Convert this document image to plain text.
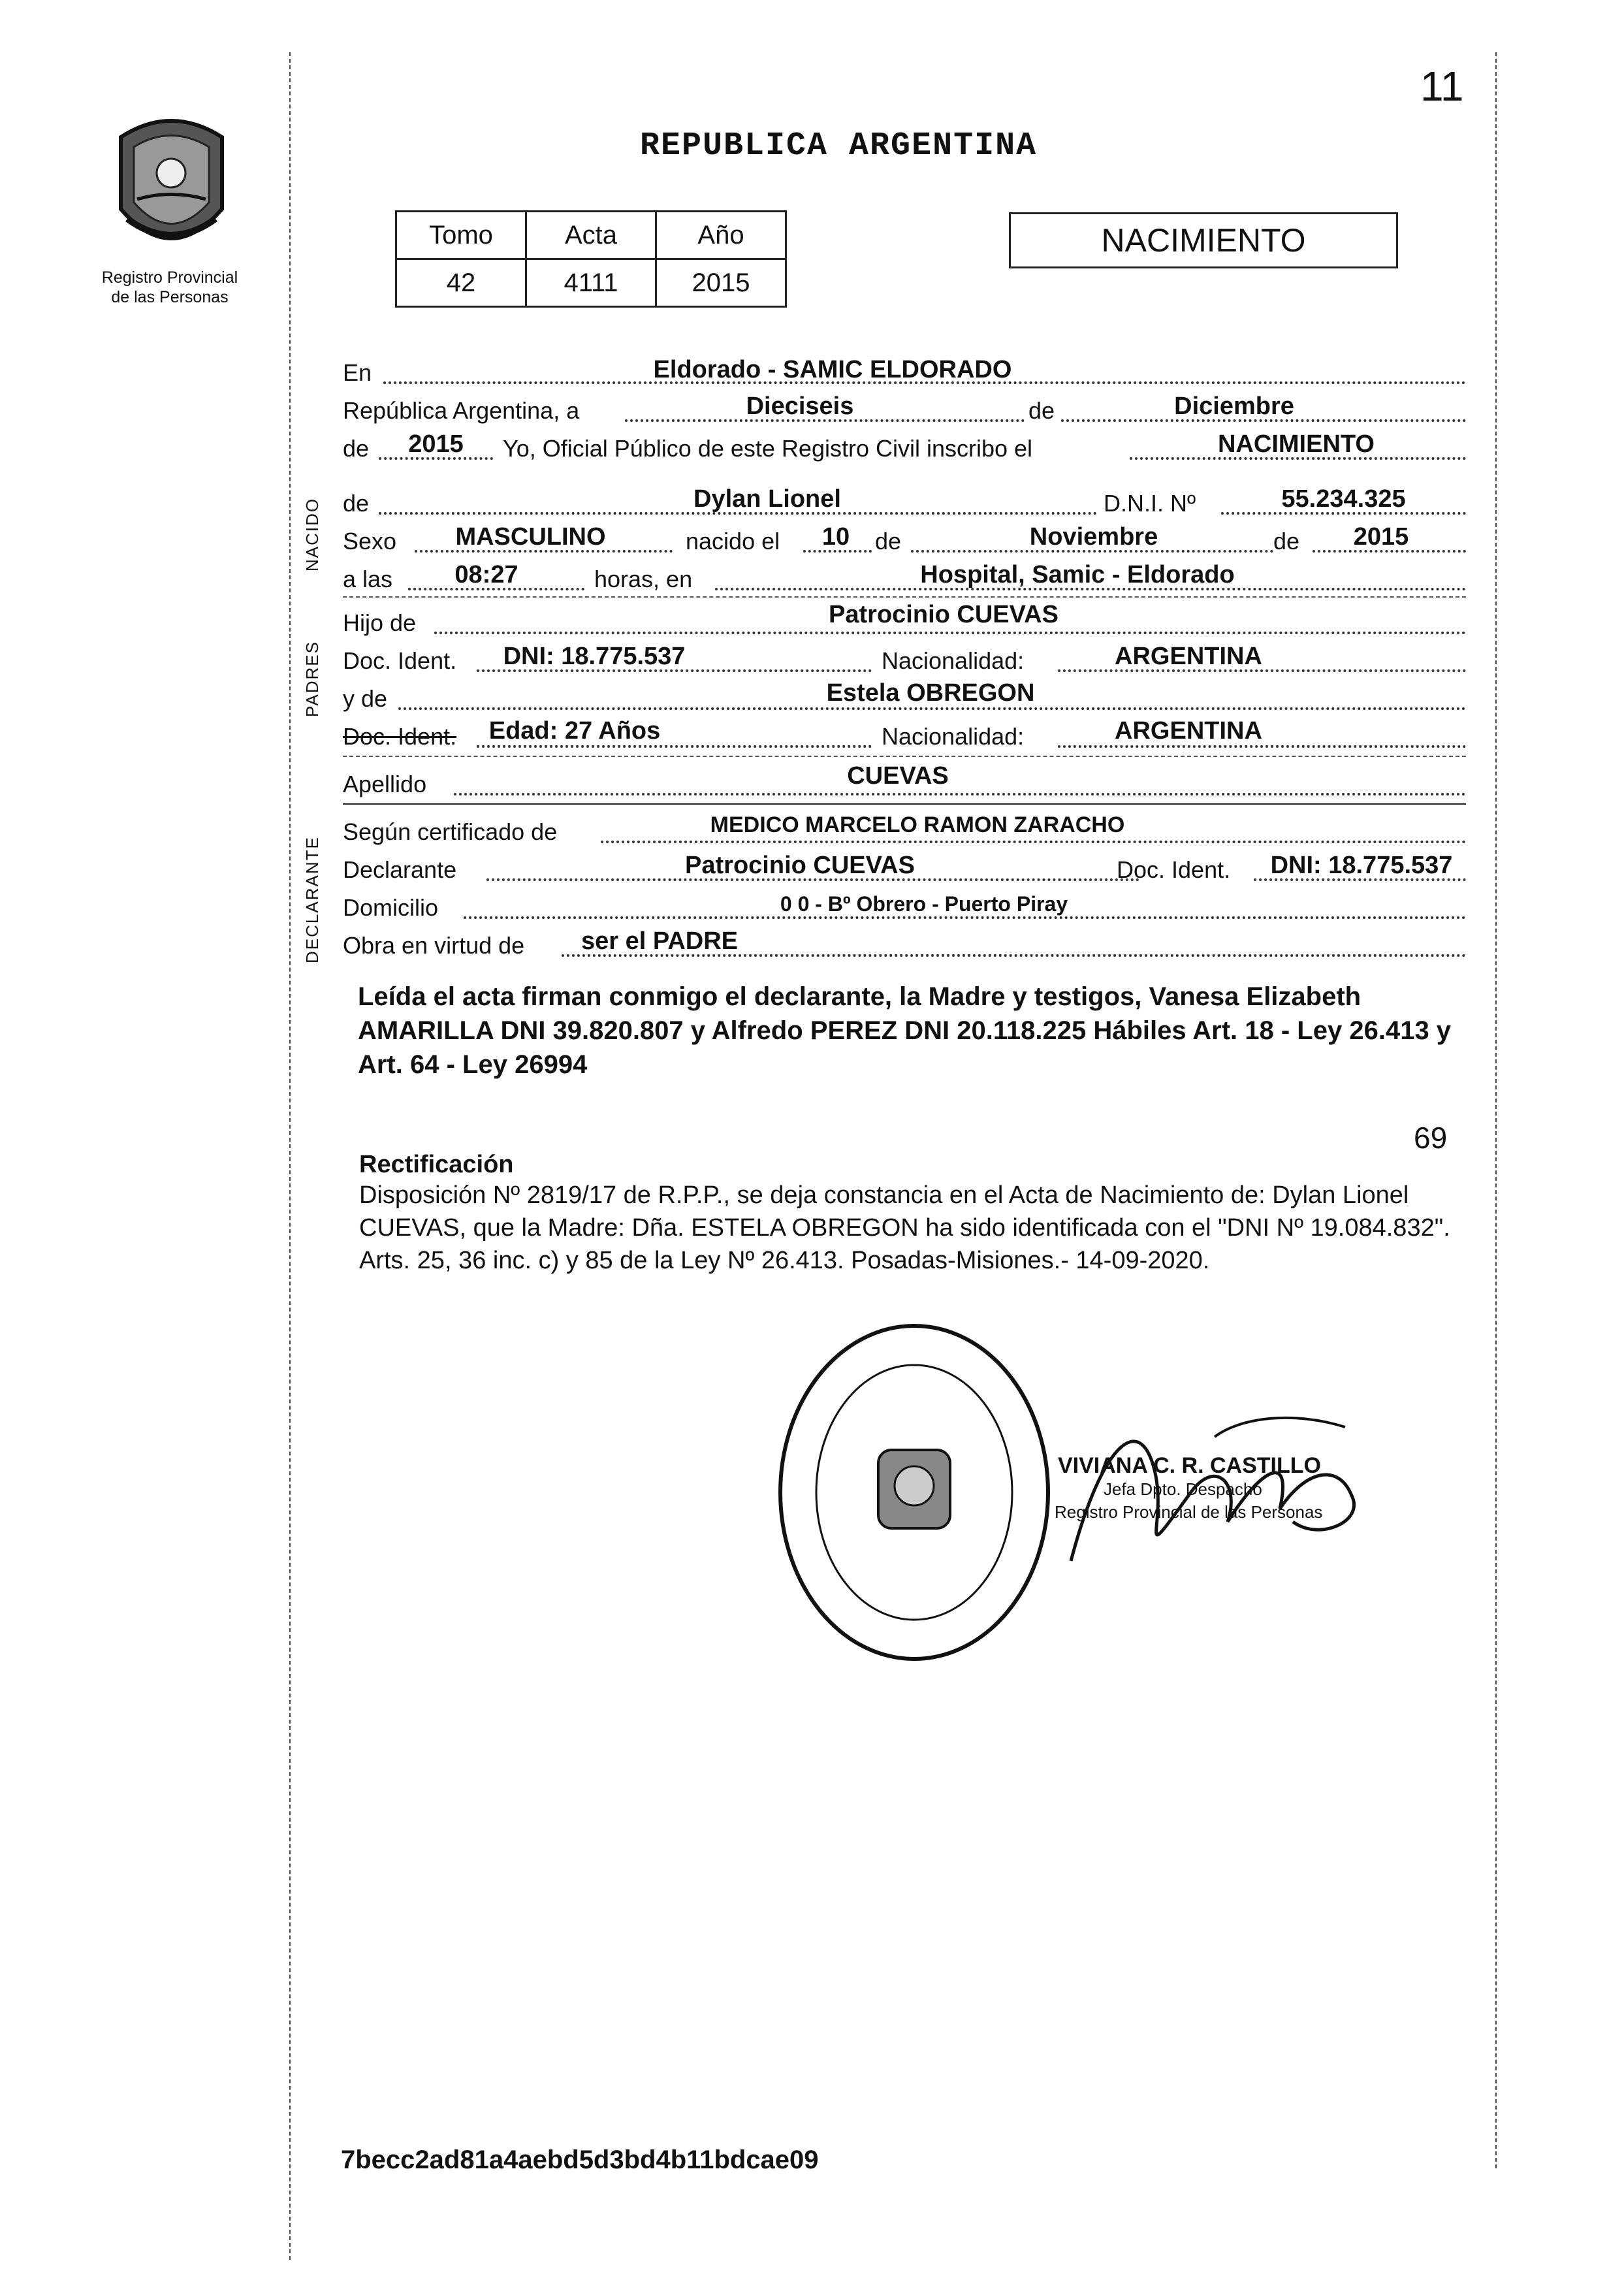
11
REPUBLICA ARGENTINA
Registro Provincial
de las Personas
Tomo	Acta	Año
42	4111	2015
NACIMIENTO
NACIDO
PADRES
DECLARANTE
En	Eldorado - SAMIC ELDORADO
República Argentina, a	Dieciseis	de	Diciembre
de	2015	Yo, Oficial Público de este Registro Civil inscribo el	NACIMIENTO
de	Dylan Lionel	D.N.I. Nº	55.234.325
Sexo	MASCULINO	nacido el	10	de	Noviembre	de	2015
a las	08:27	horas, en	Hospital, Samic - Eldorado
Hijo de	Patrocinio CUEVAS
Doc. Ident.	DNI: 18.775.537	Nacionalidad:	ARGENTINA
y de	Estela OBREGON
Doc. Ident.	Edad: 27 Años	Nacionalidad:	ARGENTINA
Apellido	CUEVAS
Según certificado de	MEDICO MARCELO RAMON ZARACHO
Declarante	Patrocinio CUEVAS	Doc. Ident.	DNI: 18.775.537
Domicilio	0 0 - Bº Obrero - Puerto Piray
Obra en virtud de	ser el PADRE
Leída el acta firman conmigo el declarante, la Madre y testigos, Vanesa Elizabeth AMARILLA DNI 39.820.807 y Alfredo PEREZ DNI 20.118.225 Hábiles Art. 18 - Ley 26.413 y Art. 64 - Ley 26994
69
Rectificación
Disposición Nº 2819/17 de R.P.P., se deja constancia en el Acta de Nacimiento de: Dylan Lionel CUEVAS, que la Madre: Dña. ESTELA OBREGON ha sido identificada con el "DNI Nº 19.084.832". Arts. 25, 36 inc. c) y 85 de la Ley Nº 26.413. Posadas-Misiones.- 14-09-2020.
VIVIANA C. R. CASTILLO
Jefa Dpto. Despacho
Registro Provincial de las Personas
7becc2ad81a4aebd5d3bd4b11bdcae09
